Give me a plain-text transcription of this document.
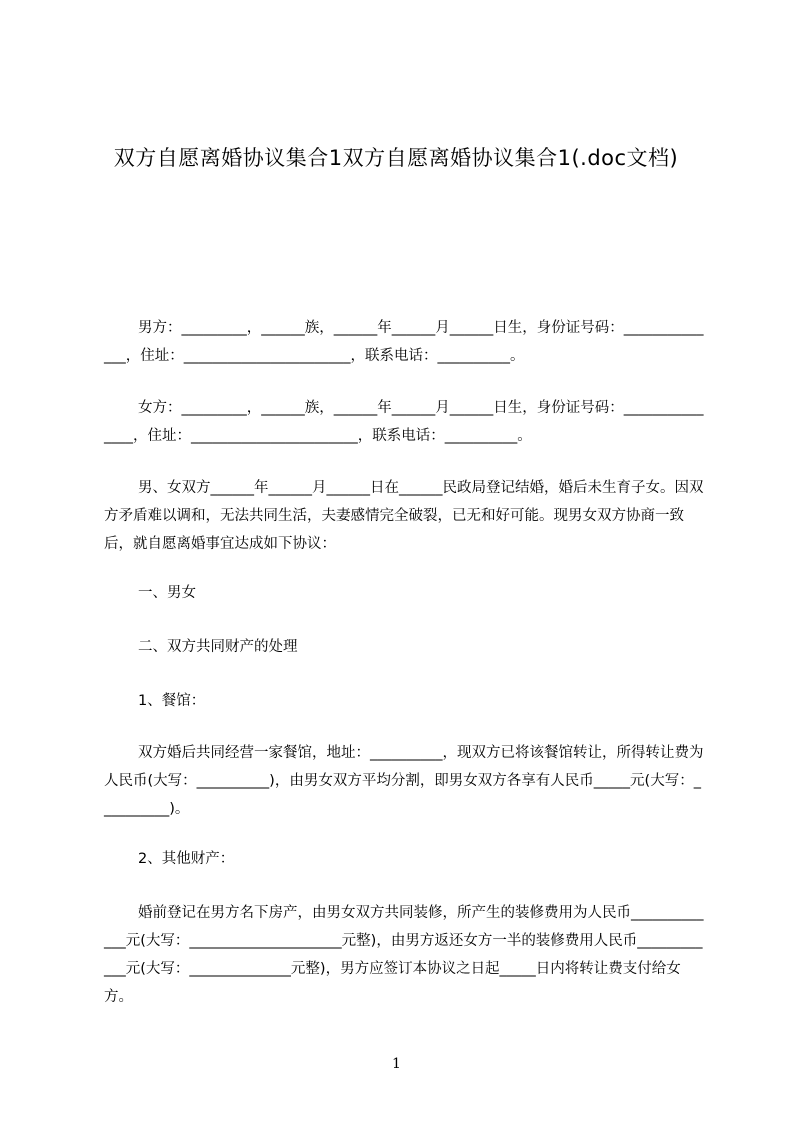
双方自愿离婚协议集合1双方自愿离婚协议集合1(.doc文档)
男方：_________，______族，______年______月______日生，身份证号码：______________，住址：_______________________，联系电话：__________。
女方：_________，______族，______年______月______日生，身份证号码：_______________，住址：_______________________，联系电话：__________。
男、女双方______年______月______日在______民政局登记结婚，婚后未生育子女。因双方矛盾难以调和，无法共同生活，夫妻感情完全破裂，已无和好可能。现男女双方协商一致后，就自愿离婚事宜达成如下协议：
一、男女
二、双方共同财产的处理
1、餐馆：
双方婚后共同经营一家餐馆，地址：__________，现双方已将该餐馆转让，所得转让费为人民币(大写：__________)，由男女双方平均分割，即男女双方各享有人民币_____元(大写：__________)。
2、其他财产：
婚前登记在男方名下房产，由男女双方共同装修，所产生的装修费用为人民币_____________元(大写：_____________________元整)，由男方返还女方一半的装修费用人民币____________元(大写：______________元整)，男方应签订本协议之日起_____日内将转让费支付给女方。
1
